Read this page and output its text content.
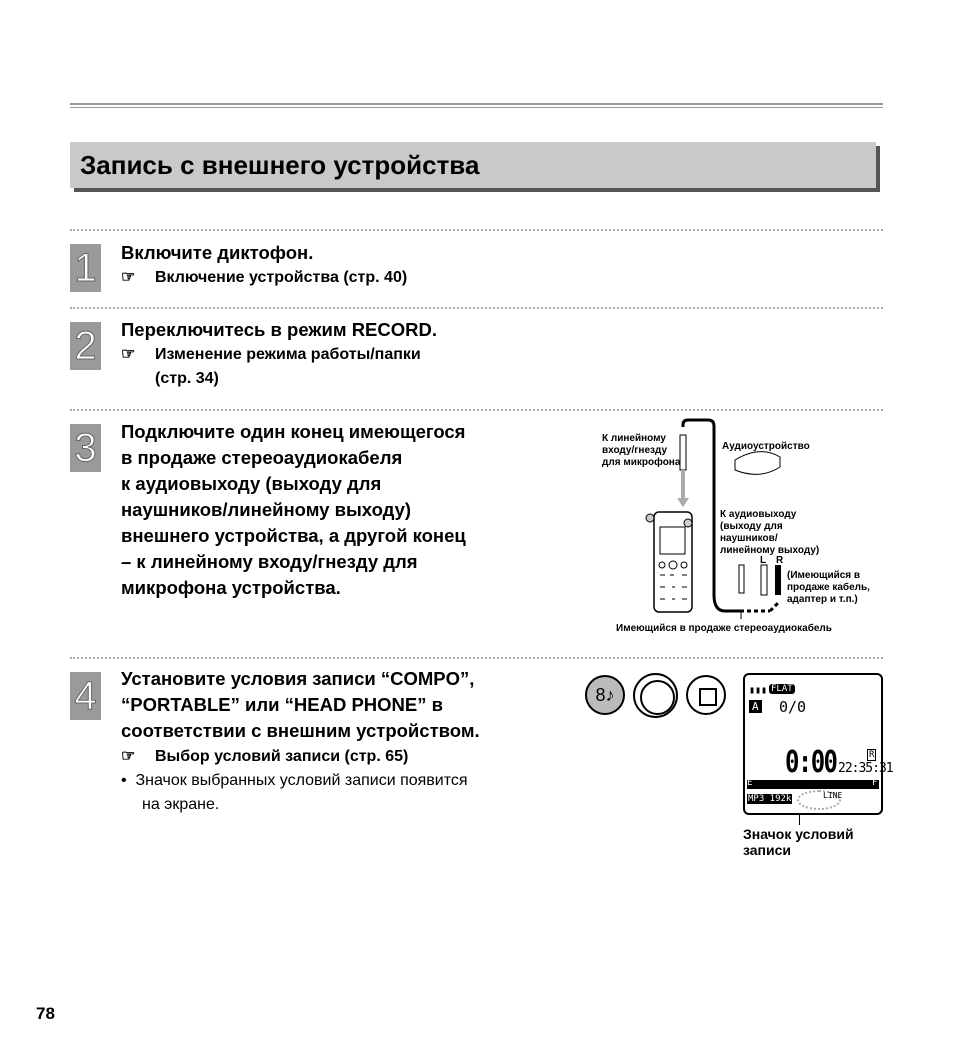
Запись с внешнего устройства
1 Включите диктофон.
☞ Включение устройства (стр. 40)
2 Переключитесь в режим RECORD.
☞ Изменение режима работы/папки
(стр. 34)
3 Подключите один конец имеющегося
в продаже стереоаудиокабеля
к аудиовыходу (выходу для
наушников/линейному выходу)
внешнего устройства, а другой конец
– к линейному входу/гнезду для
микрофона устройства.
К линейному
входу/гнезду
для микрофона
Аудиоустройство
К аудиовыходу
(выходу для
наушников/
линейному выходу)
L R
(Имеющийся в
продаже кабель,
адаптер и т.п.)
Имеющийся в продаже стереоаудиокабель
4 Установите условия записи “COMPO”,
“PORTABLE” или “HEAD PHONE” в
соответствии с внешним устройством.
☞ Выбор условий записи (стр. 65)
•  Значок выбранных условий записи появится
на экране.
8♪	▮▮▮ FLAT
A 0/0
R
0:00 22:35:31
E	F
MP3 192k	LINE
Значок условий
записи
78
